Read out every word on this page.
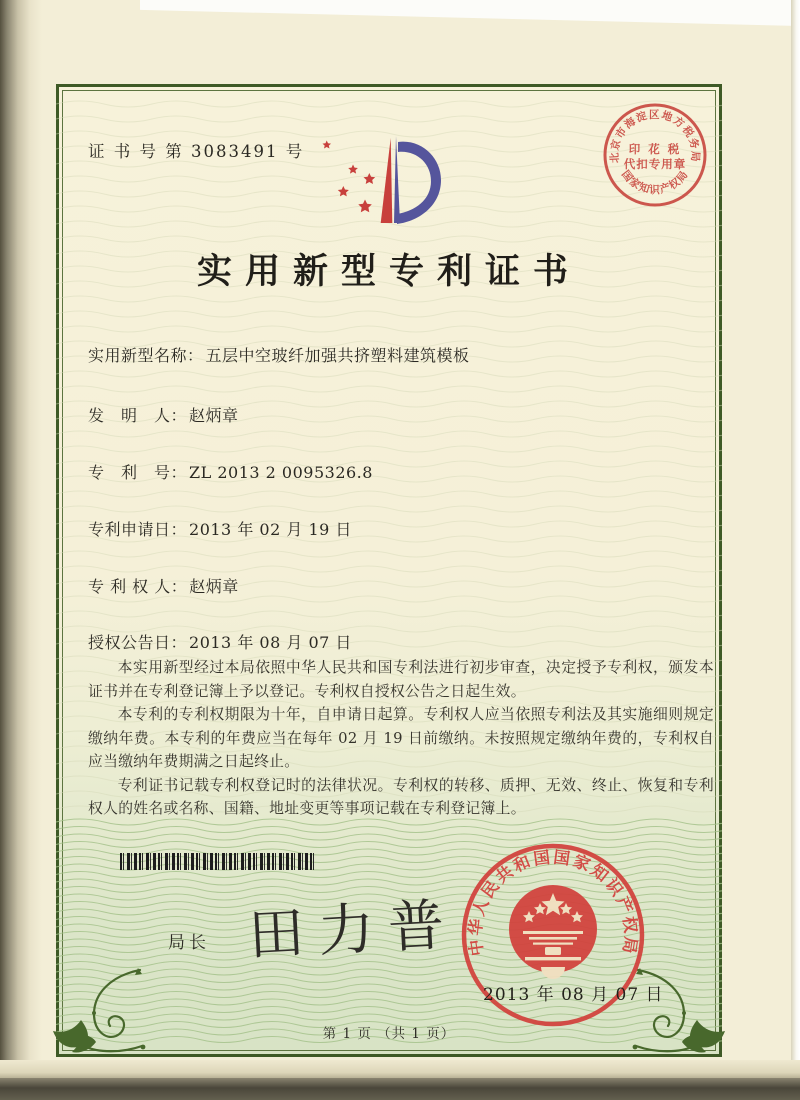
证 书 号 第 3083491 号	北京市海淀区地方税务局
国家知识产权局
印 花 税
代扣专用章
实用新型专利证书
实用新型名称： 五层中空玻纤加强共挤塑料建筑模板
发　明　人： 赵炳章
专　利　号： ZL 2013 2 0095326.8
专利申请日： 2013 年 02 月 19 日
专 利 权 人： 赵炳章
授权公告日： 2013 年 08 月 07 日

本实用新型经过本局依照中华人民共和国专利法进行初步审查，决定授予专利权，颁发本证书并在专利登记簿上予以登记。专利权自授权公告之日起生效。

本专利的专利权期限为十年，自申请日起算。专利权人应当依照专利法及其实施细则规定缴纳年费。本专利的年费应当在每年 02 月 19 日前缴纳。未按照规定缴纳年费的，专利权自应当缴纳年费期满之日起终止。

专利证书记载专利权登记时的法律状况。专利权的转移、质押、无效、终止、恢复和专利权人的姓名或名称、国籍、地址变更等事项记载在专利登记簿上。

局长 田力普 中华人民共和国国家知识产权局
2013 年 08 月 07 日
第 1 页 （共 1 页）
